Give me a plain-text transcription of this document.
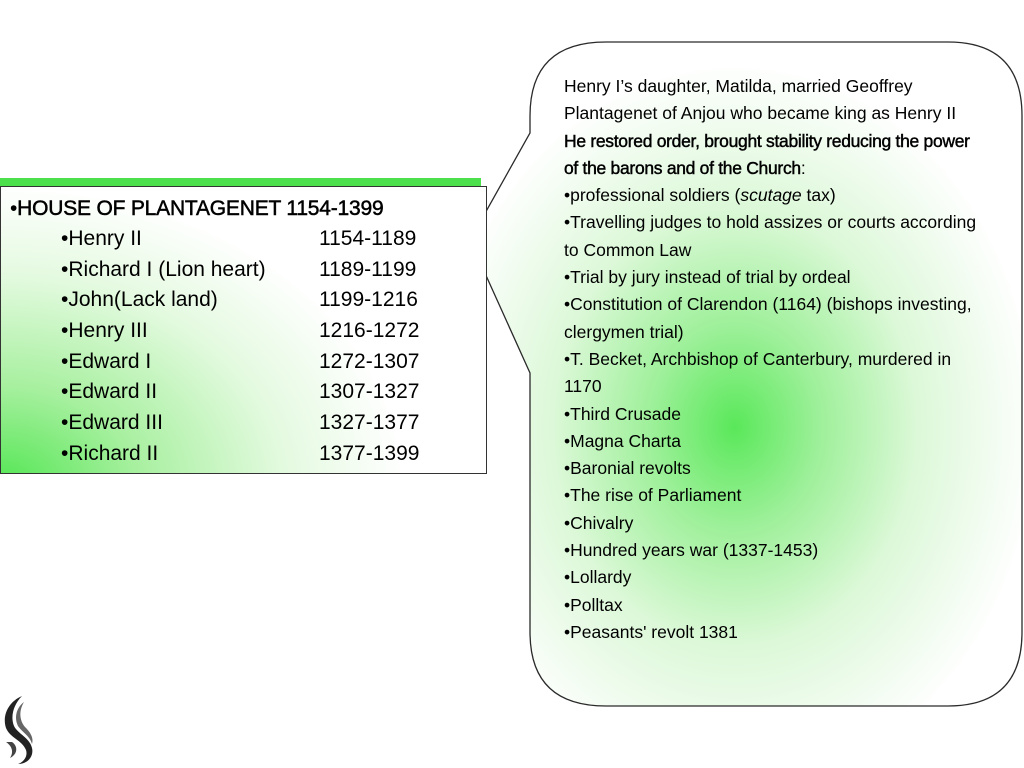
•HOUSE OF PLANTAGENET 1154-1399
•Henry II	1154-1189
•Richard I (Lion heart)	1189-1199
•John(Lack land)	1199-1216
•Henry III	1216-1272
•Edward I	1272-1307
•Edward II	1307-1327
•Edward III	1327-1377
•Richard II	1377-1399

Henry I’s daughter, Matilda, married Geoffrey Plantagenet of Anjou who became king as Henry II

He restored order, brought stability reducing the power of the barons and of the Church:

•professional soldiers (scutage tax)

•Travelling judges to hold assizes or courts according to Common Law

•Trial by jury instead of trial by ordeal

•Constitution of Clarendon (1164) (bishops investing, clergymen trial)

•T. Becket, Archbishop of Canterbury, murdered in 1170

•Third Crusade

•Magna Charta

•Baronial revolts

•The rise of Parliament

•Chivalry

•Hundred years war (1337-1453)

•Lollardy

•Polltax

•Peasants' revolt 1381
